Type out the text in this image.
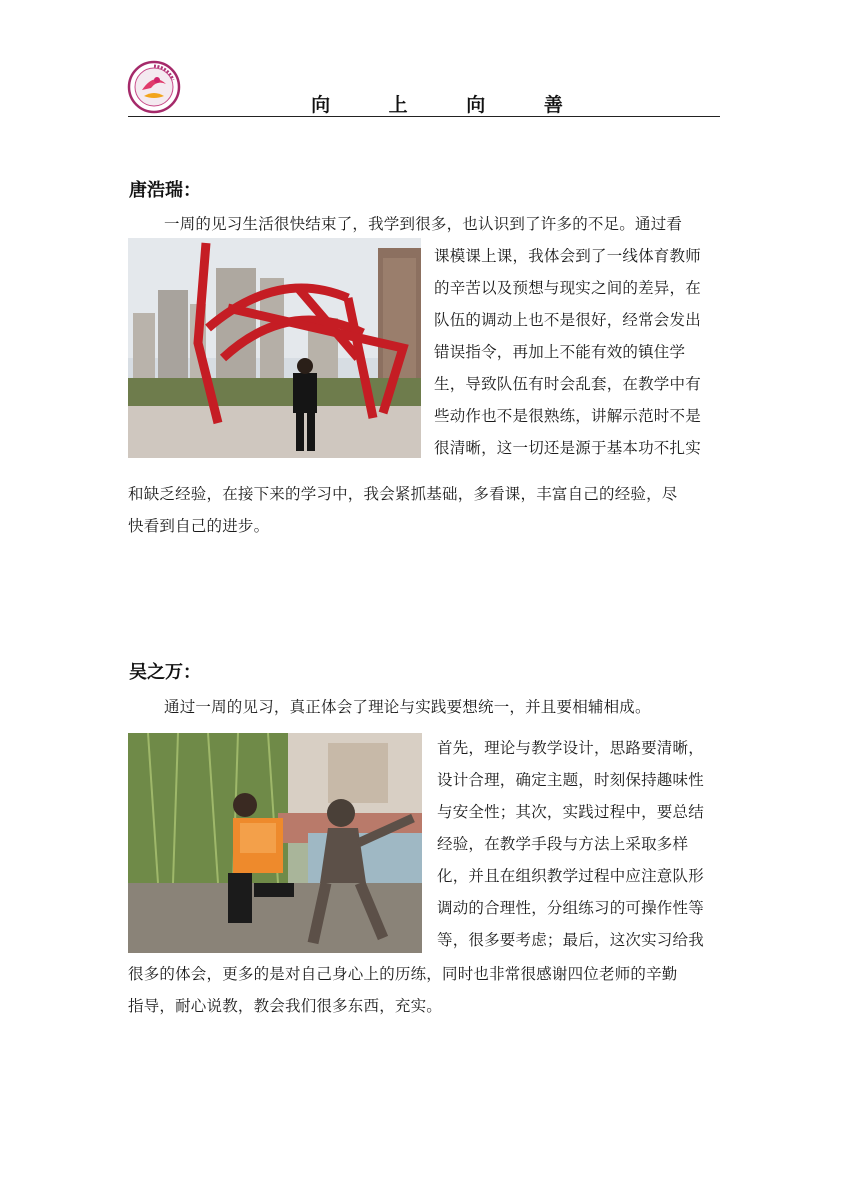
向 上 向 善
唐浩瑞：

一周的见习生活很快结束了，我学到很多，也认识到了许多的不足。通过看

课模课上课，我体会到了一线体育教师
的辛苦以及预想与现实之间的差异，在
队伍的调动上也不是很好，经常会发出
错误指令，再加上不能有效的镇住学
生，导致队伍有时会乱套，在教学中有
些动作也不是很熟练，讲解示范时不是
很清晰，这一切还是源于基本功不扎实
和缺乏经验，在接下来的学习中，我会紧抓基础，多看课，丰富自己的经验，尽
快看到自己的进步。
吴之万：

通过一周的见习，真正体会了理论与实践要想统一，并且要相辅相成。

首先，理论与教学设计，思路要清晰，
设计合理，确定主题，时刻保持趣味性
与安全性；其次，实践过程中，要总结
经验，在教学手段与方法上采取多样
化，并且在组织教学过程中应注意队形
调动的合理性，分组练习的可操作性等
等，很多要考虑；最后，这次实习给我
很多的体会，更多的是对自己身心上的历练，同时也非常很感谢四位老师的辛勤
指导，耐心说教，教会我们很多东西，充实。
